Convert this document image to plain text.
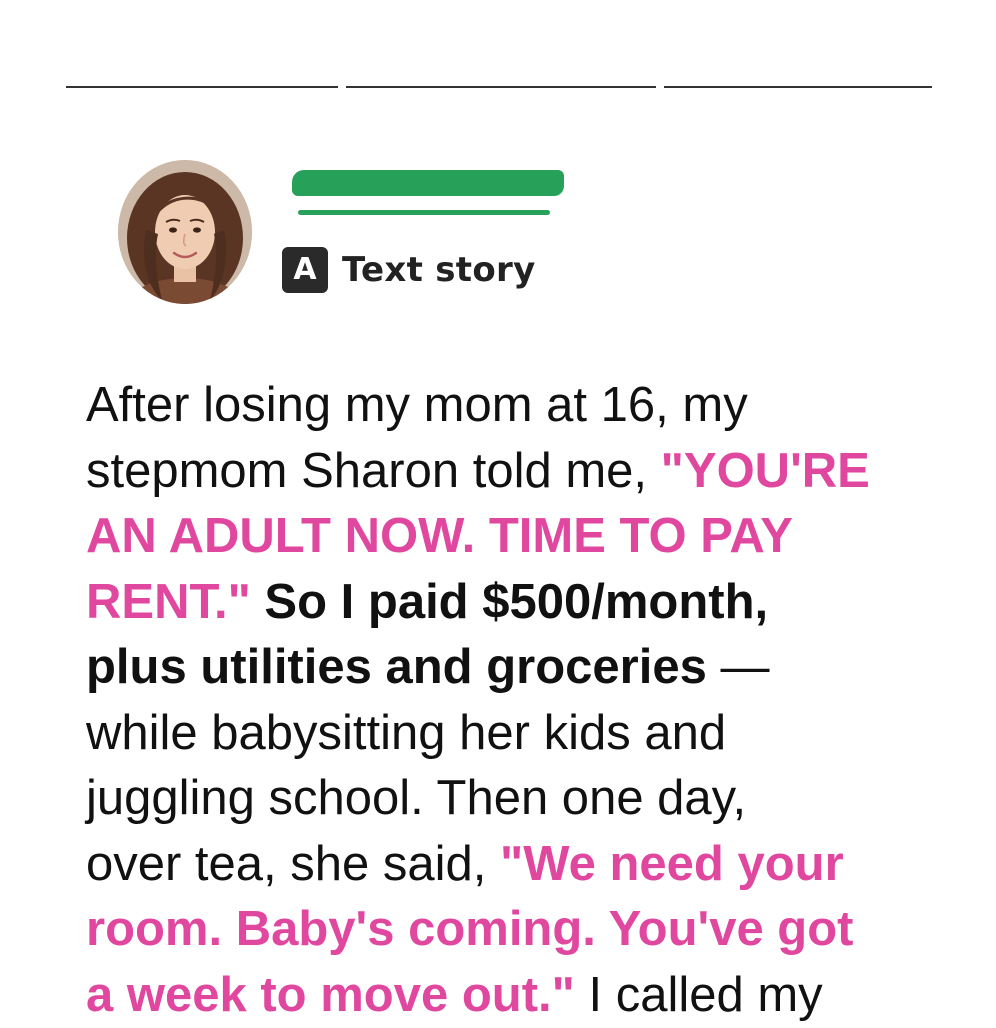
A Text story
After losing my mom at 16, my
stepmom Sharon told me, "YOU'RE
AN ADULT NOW. TIME TO PAY
RENT." So I paid $500/month,
plus utilities and groceries —
while babysitting her kids and
juggling school. Then one day,
over tea, she said, "We need your
room. Baby's coming. You've got
a week to move out." I called my
